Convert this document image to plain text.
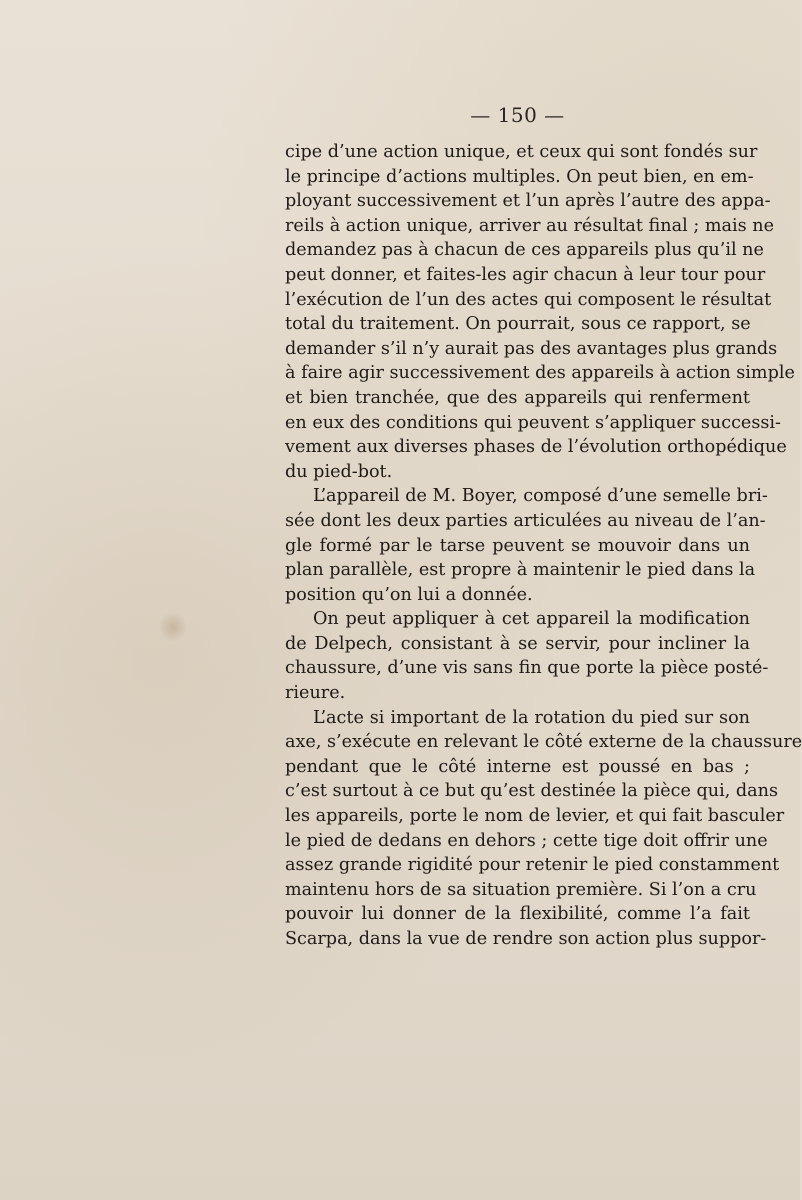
— 150 —

cipe d’une action unique, et ceux qui sont fondés sur
le principe d’actions multiples. On peut bien, en em-
ployant successivement et l’un après l’autre des appa-
reils à action unique, arriver au résultat final ; mais ne
demandez pas à chacun de ces appareils plus qu’il ne
peut donner, et faites-les agir chacun à leur tour pour
l’exécution de l’un des actes qui composent le résultat
total du traitement. On pourrait, sous ce rapport, se
demander s’il n’y aurait pas des avantages plus grands
à faire agir successivement des appareils à action simple
et bien tranchée, que des appareils qui renferment
en eux des conditions qui peuvent s’appliquer successi-
vement aux diverses phases de l’évolution orthopédique
du pied-bot.

L’appareil de M. Boyer, composé d’une semelle bri-
sée dont les deux parties articulées au niveau de l’an-
gle formé par le tarse peuvent se mouvoir dans un
plan parallèle, est propre à maintenir le pied dans la
position qu’on lui a donnée.

On peut appliquer à cet appareil la modification
de Delpech, consistant à se servir, pour incliner la
chaussure, d’une vis sans fin que porte la pièce posté-
rieure.

L’acte si important de la rotation du pied sur son
axe, s’exécute en relevant le côté externe de la chaussure
pendant que le côté interne est poussé en bas ;
c’est surtout à ce but qu’est destinée la pièce qui, dans
les appareils, porte le nom de levier, et qui fait basculer
le pied de dedans en dehors ; cette tige doit offrir une
assez grande rigidité pour retenir le pied constamment
maintenu hors de sa situation première. Si l’on a cru
pouvoir lui donner de la flexibilité, comme l’a fait
Scarpa, dans la vue de rendre son action plus suppor-
